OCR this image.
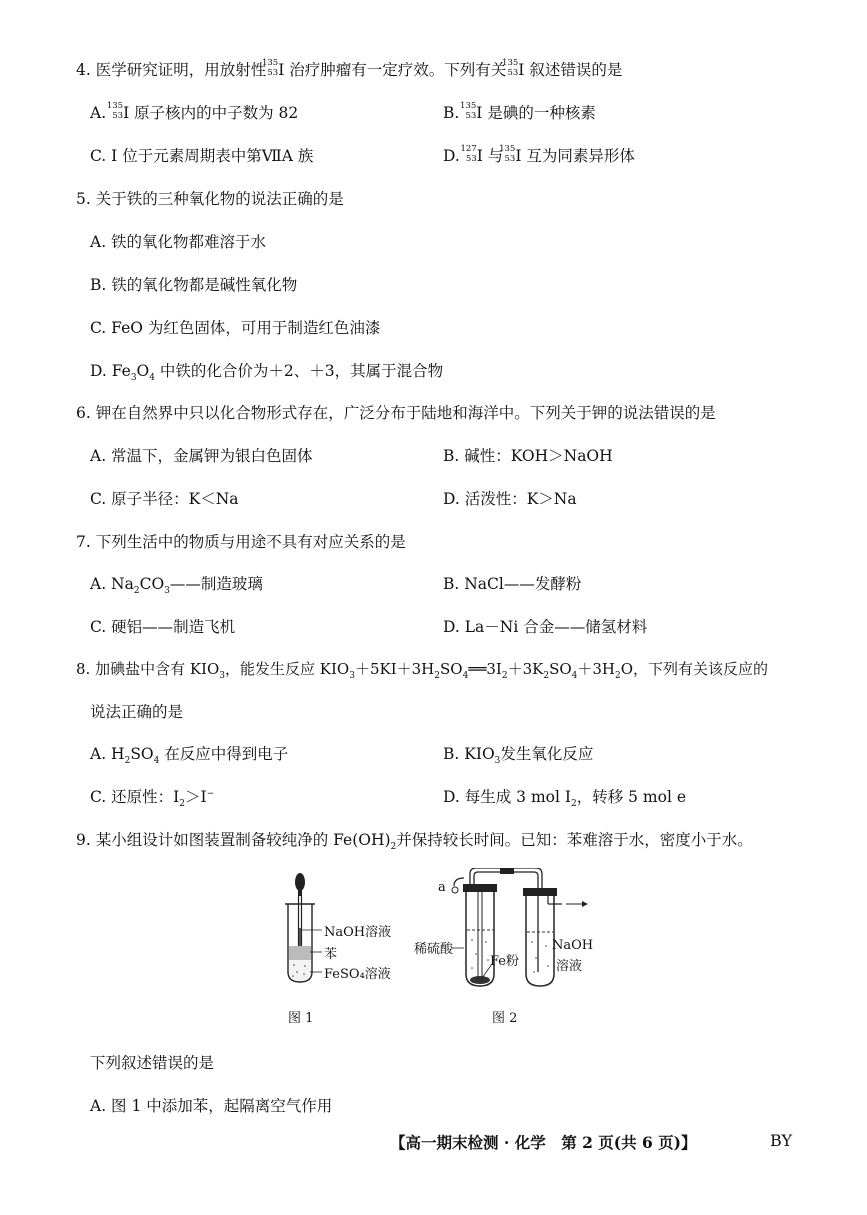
4. 医学研究证明，用放射性
135
53 I 治疗肿瘤有一定疗效。下列有关
135
53 I 叙述错误的是
A. 135
53 I 原子核内的中子数为 82	B. 135
53 I 是碘的一种核素
C. I 位于元素周期表中第ⅦA 族	D. 127
53 I 与
135
53 I 互为同素异形体
5. 关于铁的三种氧化物的说法正确的是
A. 铁的氧化物都难溶于水
B. 铁的氧化物都是碱性氧化物
C. FeO 为红色固体，可用于制造红色油漆
D. $Fe_3O_4$ 中铁的化合价为＋2、＋3，其属于混合物
6. 钾在自然界中只以化合物形式存在，广泛分布于陆地和海洋中。下列关于钾的说法错误的是
A. 常温下，金属钾为银白色固体	B. 碱性：KOH＞NaOH
C. 原子半径：K＜Na	D. 活泼性：K＞Na
7. 下列生活中的物质与用途不具有对应关系的是
A. $Na_2CO_3——$制造玻璃	B. NaCl——发酵粉
C. 硬铝——制造飞机	D. La－Ni 合金——储氢材料
8. 加碘盐中含有 $KIO_3$，能发生反应 $KIO_3+5KI+3H_2SO_4══3I_2+3K_2SO_4+3H_2O$，下列有关该反应的
说法正确的是
A. $H_2SO_4$ 在反应中得到电子	B. $KIO_3$发生氧化反应
C. 还原性：$I_2>I^-$	D. 每生成 3 mol $I_2$，转移 5 mol e
9. 某小组设计如图装置制备较纯净的 $Fe(OH)_2$并保持较长时间。已知：苯难溶于水，密度小于水。
NaOH溶液
苯
FeSO₄溶液
图 1
a
稀硫酸
Fe粉
NaOH
溶液
图 2
下列叙述错误的是
A. 图 1 中添加苯，起隔离空气作用
【高一期末检测 · 化学　第 2 页(共 6 页)】	BY
